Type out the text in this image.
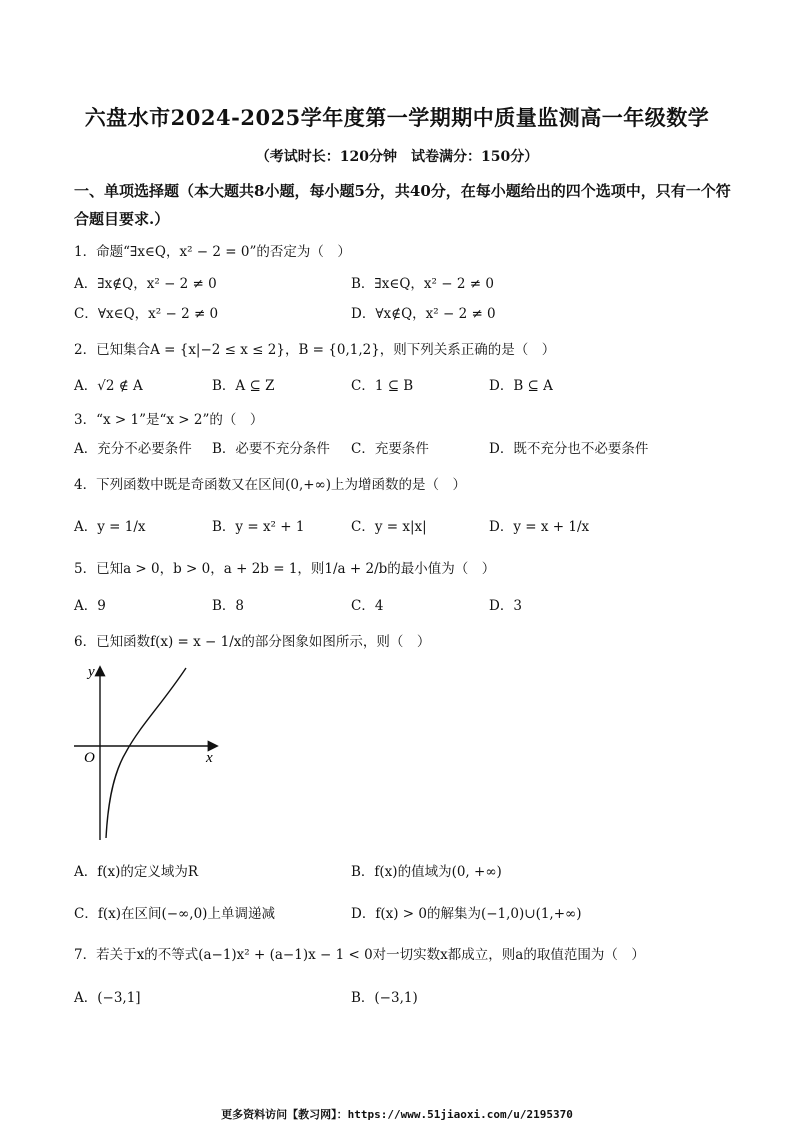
六盘水市2024-2025学年度第一学期期中质量监测高一年级数学
（考试时长：120分钟　试卷满分：150分）
一、单项选择题（本大题共8小题，每小题5分，共40分，在每小题给出的四个选项中，只有一个符合题目要求.）
1．命题“∃x∈Q，x² − 2 = 0”的否定为（　）
A．∃x∉Q，x² − 2 ≠ 0	B．∃x∈Q，x² − 2 ≠ 0
C．∀x∈Q，x² − 2 ≠ 0	D．∀x∉Q，x² − 2 ≠ 0
2．已知集合A = {x|−2 ≤ x ≤ 2}，B = {0,1,2}，则下列关系正确的是（　）
A．√2 ∉ A	B．A ⊆ Z	C．1 ⊆ B	D．B ⊆ A
3．“x > 1”是“x > 2”的（　）
A．充分不必要条件 B．必要不充分条件 C．充要条件	D．既不充分也不必要条件
4．下列函数中既是奇函数又在区间(0,+∞)上为增函数的是（　）
A．y = 1/x	B．y = x² + 1	C．y = x|x|	D．y = x + 1/x
5．已知a > 0，b > 0，a + 2b = 1，则1/a + 2/b的最小值为（　）
A．9	B．8	C．4	D．3
6．已知函数f(x) = x − 1/x的部分图象如图所示，则（　）
y
x
O
A．f(x)的定义域为R	B．f(x)的值域为(0, +∞)
C．f(x)在区间(−∞,0)上单调递减	D．f(x) > 0的解集为(−1,0)∪(1,+∞)
7．若关于x的不等式(a−1)x² + (a−1)x − 1 < 0对一切实数x都成立，则a的取值范围为（　）
A．(−3,1]	B．(−3,1)
更多资料访问【教习网】：https://www.51jiaoxi.com/u/2195370
